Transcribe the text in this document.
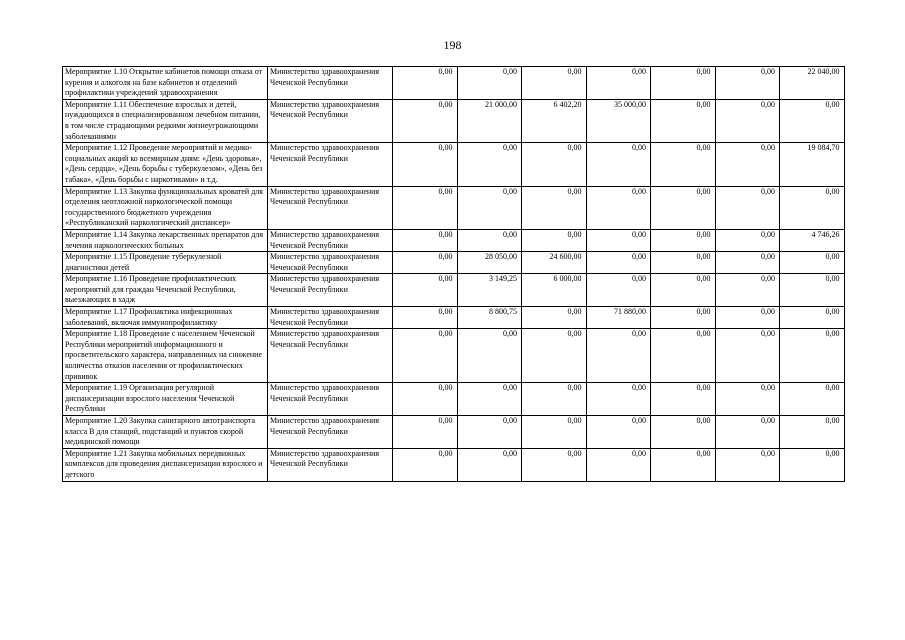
198
Мероприятие 1.10 Открытие кабинетов помощи отказа от курения и алкоголя на базе кабинетов и отделений профилактики учреждений здравоохранения	Министерство здравоохранения Чеченской Республики	0,00	0,00	0,00	0,00	0,00	0,00	22 040,00
Мероприятие 1.11 Обеспечение взрослых и детей, нуждающихся в специализированном лечебном питании, в том числе страдающими редкими жизнеугрожающими заболеваниями	Министерство здравоохранения Чеченской Республики	0,00	21 000,00	6 402,20	35 000,00	0,00	0,00	0,00
Мероприятие 1.12 Проведение мероприятий и медико-социальных акций ко всемирным дням: «День здоровья», «День сердца», «День борьбы с туберкулезом», «День без табака», «День борьбы с наркотиками» и т.д.	Министерство здравоохранения Чеченской Республики	0,00	0,00	0,00	0,00	0,00	0,00	19 084,70
Мероприятие 1.13 Закупка функциональных кроватей для отделения неотложной наркологической помощи государственного бюджетного учреждения «Республиканский наркологический диспансер»	Министерство здравоохранения Чеченской Республики	0,00	0,00	0,00	0,00	0,00	0,00	0,00
Мероприятие 1.14 Закупка лекарственных препаратов для лечения наркологических больных	Министерство здравоохранения Чеченской Республики	0,00	0,00	0,00	0,00	0,00	0,00	4 746,26
Мероприятие 1.15 Проведение туберкулезной диагностики детей	Министерство здравоохранения Чеченской Республики	0,00	28 050,00	24 600,00	0,00	0,00	0,00	0,00
Мероприятие 1.16 Проведение профилактических мероприятий для граждан Чеченской Республики, выезжающих в хадж	Министерство здравоохранения Чеченской Республики	0,00	3 149,25	6 000,00	0,00	0,00	0,00	0,00
Мероприятие 1.17 Профилактика инфекционных заболеваний, включая иммунопрофилактику	Министерство здравоохранения Чеченской Республики	0,00	8 800,75	0,00	71 880,00	0,00	0,00	0,00
Мероприятие 1.18 Проведение с населением Чеченской Республики мероприятий информационного и просветительского характера, направленных на снижение количества отказов населения от профилактических прививок	Министерство здравоохранения Чеченской Республики	0,00	0,00	0,00	0,00	0,00	0,00	0,00
Мероприятие 1.19 Организация регулярной диспансеризации взрослого населения Чеченской Республики	Министерство здравоохранения Чеченской Республики	0,00	0,00	0,00	0,00	0,00	0,00	0,00
Мероприятие 1.20 Закупка санитарного автотранспорта класса В для станций, подстанций и пунктов скорой медицинской помощи	Министерство здравоохранения Чеченской Республики	0,00	0,00	0,00	0,00	0,00	0,00	0,00
Мероприятие 1.21 Закупка мобильных передвижных комплексов для проведения диспансеризации взрослого и детского	Министерство здравоохранения Чеченской Республики	0,00	0,00	0,00	0,00	0,00	0,00	0,00
